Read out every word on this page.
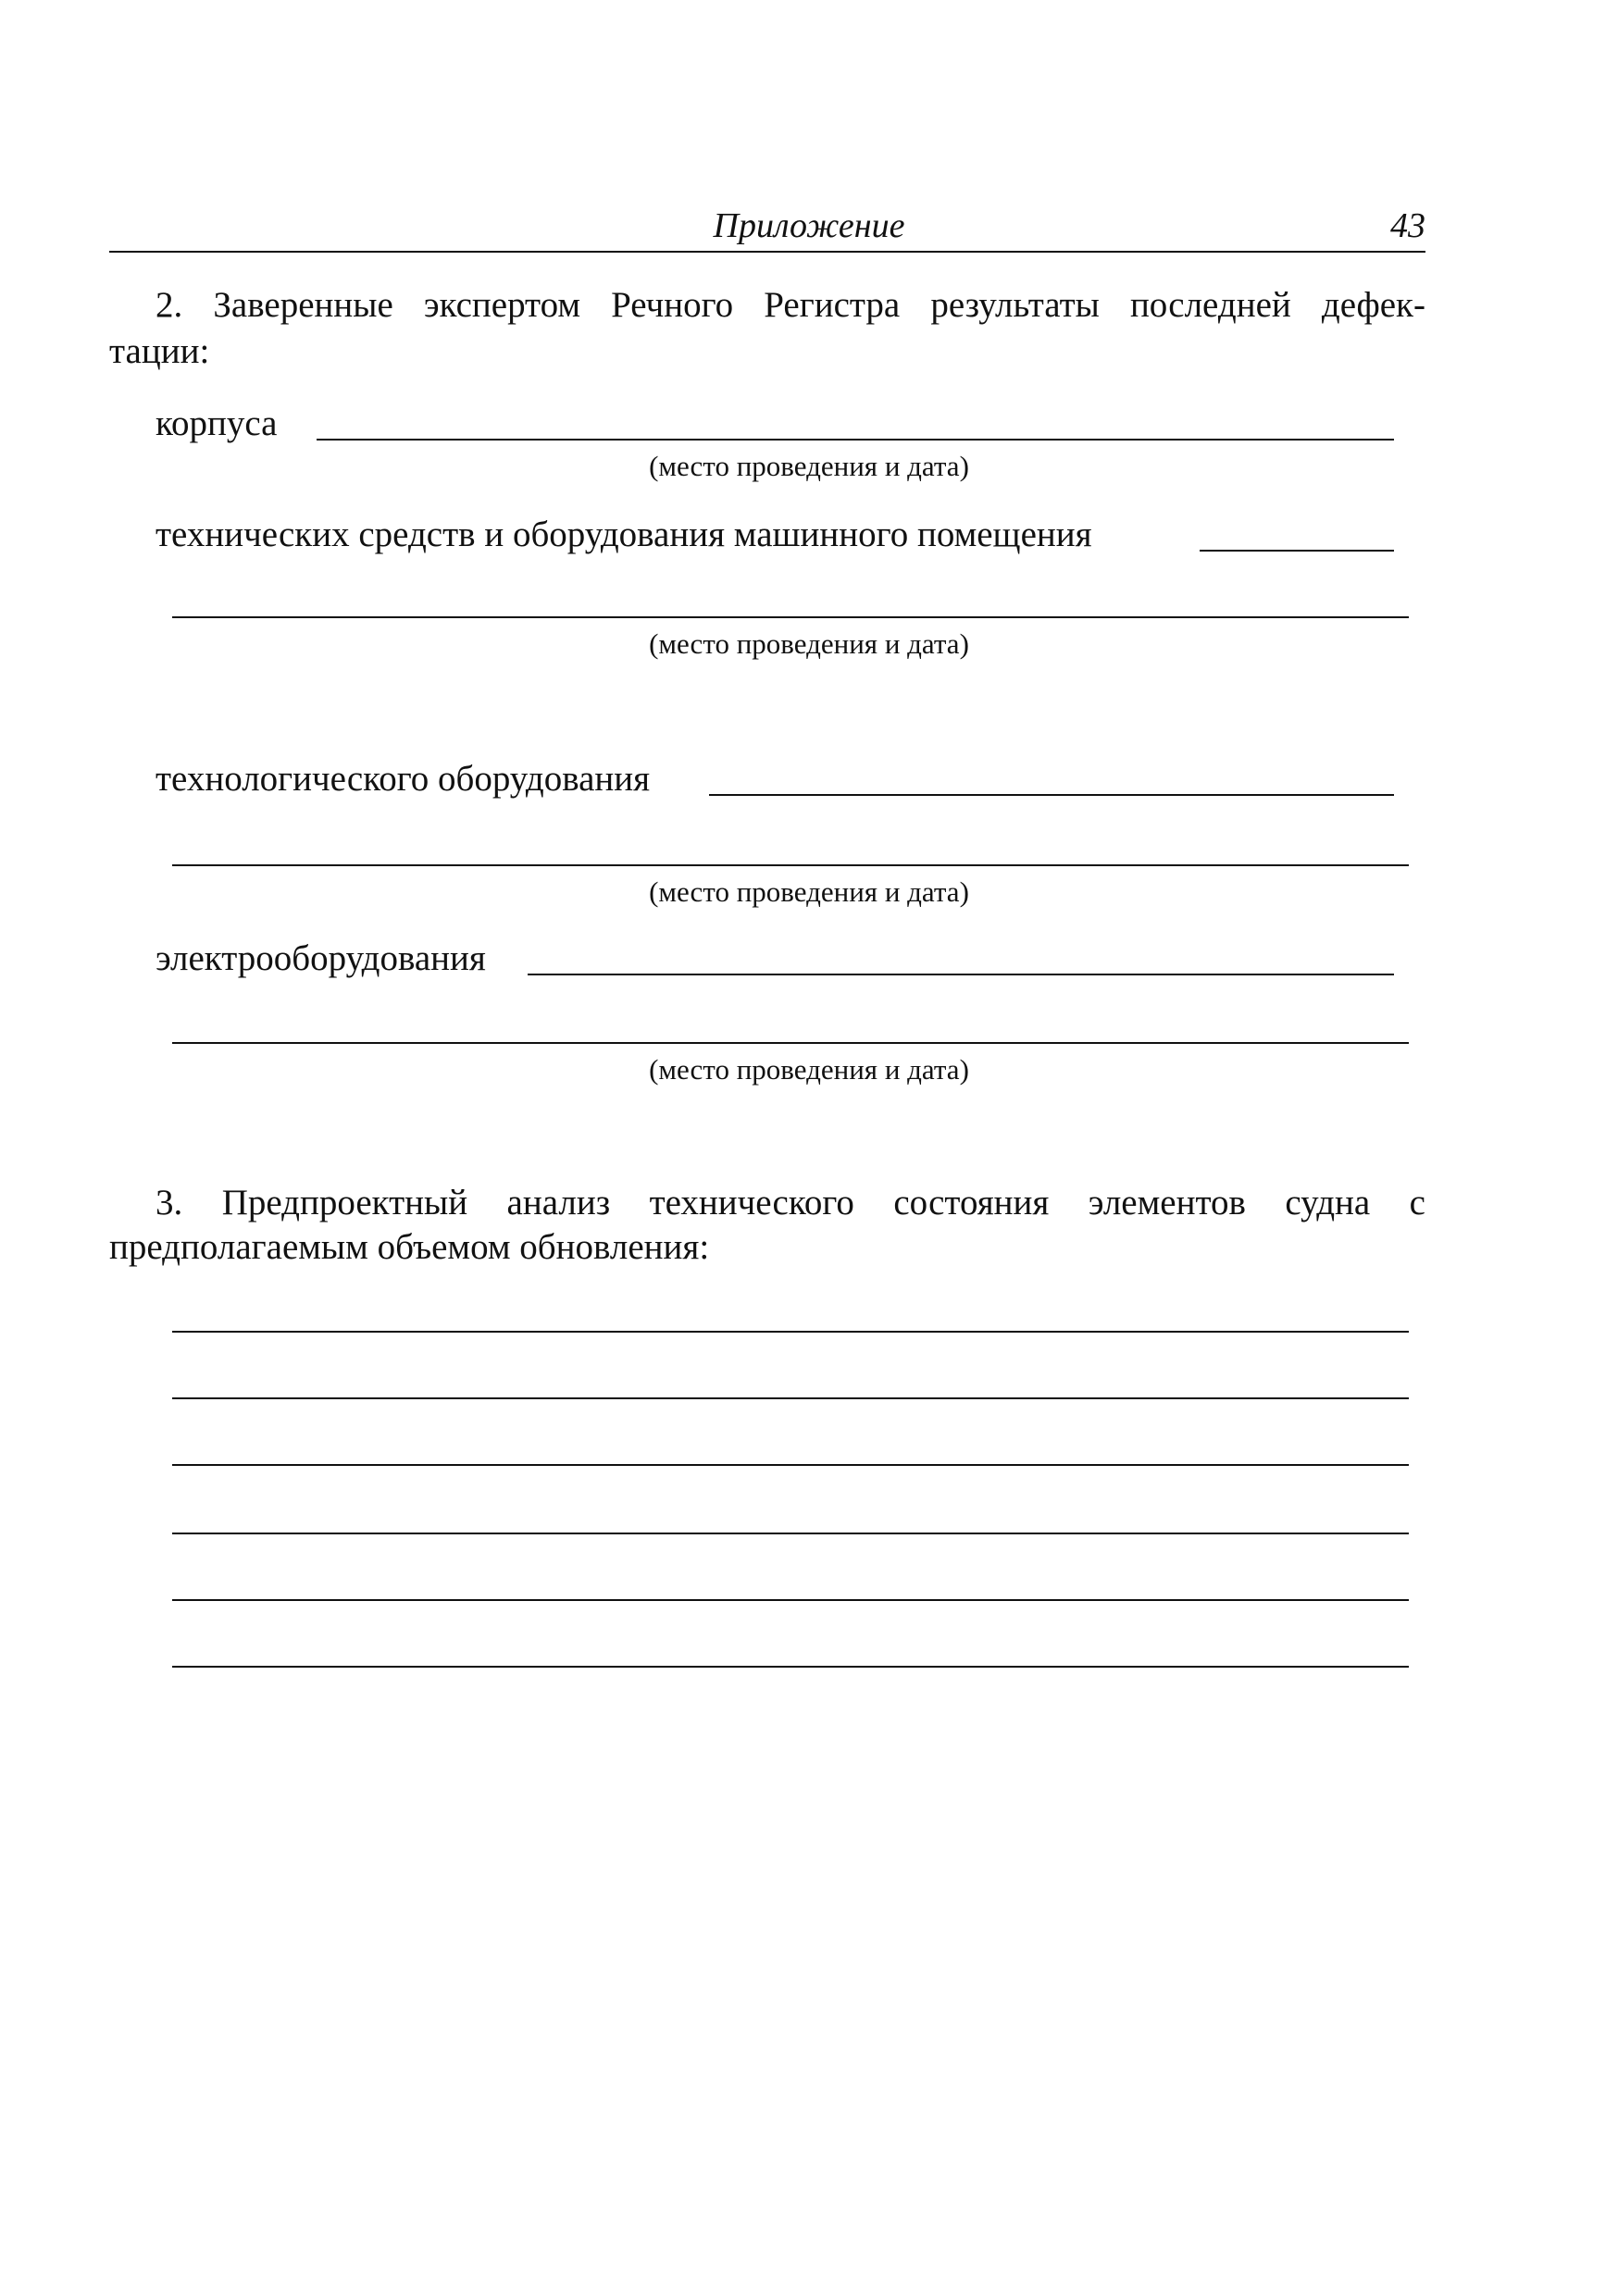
Приложение	43
2. Заверенные экспертом Речного Регистра результаты последней дефек-
тации:
корпуса
(место проведения и дата)
технических средств и оборудования машинного помещения
(место проведения и дата)
технологического оборудования
(место проведения и дата)
электрооборудования
(место проведения и дата)
3. Предпроектный анализ технического состояния элементов судна с
предполагаемым объемом обновления:
